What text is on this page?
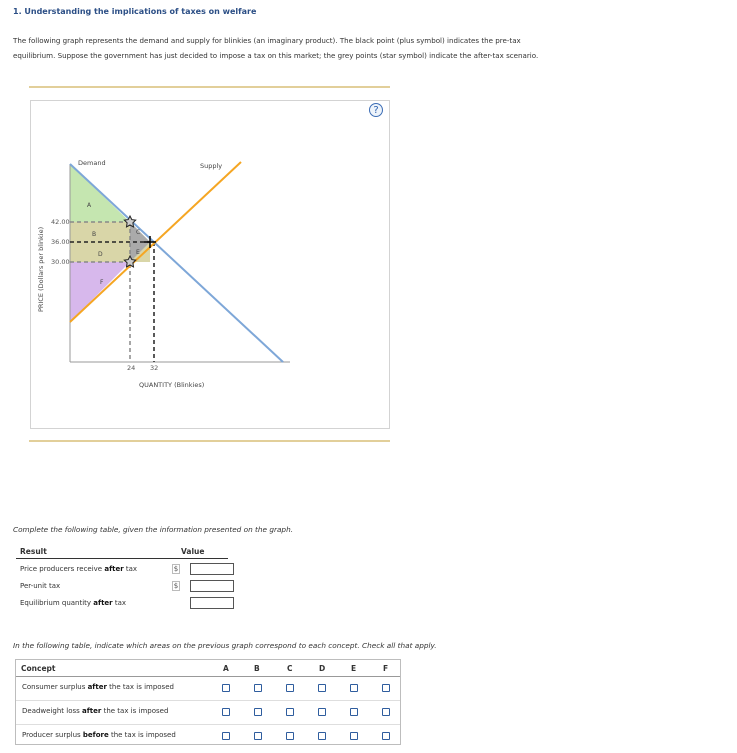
1. Understanding the implications of taxes on welfare
The following graph represents the demand and supply for blinkies (an imaginary product). The black point (plus symbol) indicates the pre-tax
equilibrium. Suppose the government has just decided to impose a tax on this market; the grey points (star symbol) indicate the after-tax scenario.
Demand	Supply
42.00
36.00
30.00
24 32
QUANTITY (Blinkies)
PRICE (Dollars per blinkie)
A
B	C
D	E
F
?
Complete the following table, given the information presented on the graph.
Result	Value
Price producers receive after tax	$
Per-unit tax	$
Equilibrium quantity after tax
In the following table, indicate which areas on the previous graph correspond to each concept. Check all that apply.
Concept	A	B	C	D	E	F
Consumer surplus after the tax is imposed
Deadweight loss after the tax is imposed
Producer surplus before the tax is imposed
